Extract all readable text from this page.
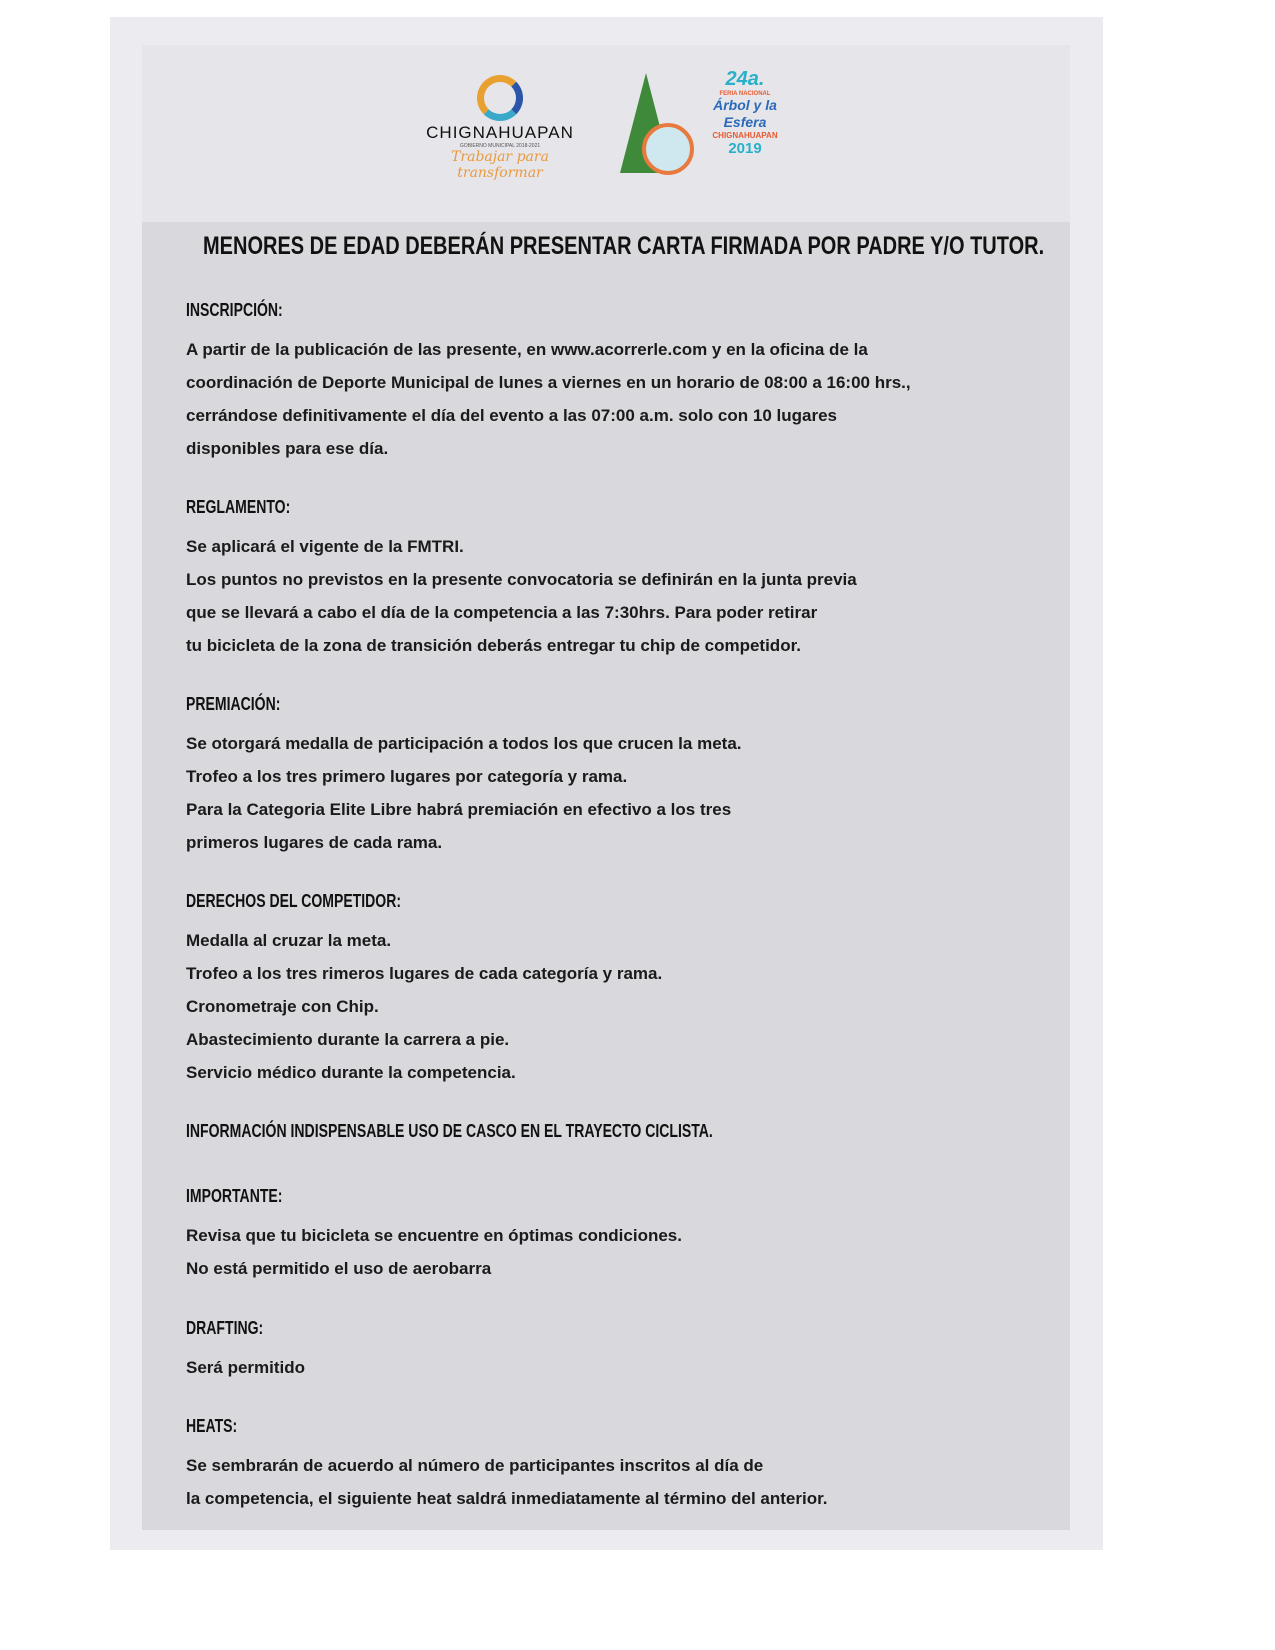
CHIGNAHUAPAN
GOBIERNO MUNICIPAL 2018-2021
Trabajar para transformar
24a.
FERIA NACIONAL
Árbol y la Esfera
CHIGNAHUAPAN
2019
MENORES DE EDAD DEBERÁN PRESENTAR CARTA FIRMADA POR PADRE Y/O TUTOR.
INSCRIPCIÓN:
A partir de la publicación de las presente, en www.acorrerle.com y en la oficina de la
coordinación de Deporte Municipal de lunes a viernes en un horario de 08:00 a 16:00 hrs.,
cerrándose definitivamente el día del evento a las 07:00 a.m. solo con 10 lugares
disponibles para ese día.
REGLAMENTO:
Se aplicará el vigente de la FMTRI.
Los puntos no previstos en la presente convocatoria se definirán en la junta previa
que se llevará a cabo el día de la competencia a las 7:30hrs. Para poder retirar
tu bicicleta de la zona de transición deberás entregar tu chip de competidor.
PREMIACIÓN:
Se otorgará medalla de participación a todos los que crucen la meta.
Trofeo a los tres primero lugares por categoría y rama.
Para la Categoria Elite Libre habrá premiación en efectivo a los tres
primeros lugares de cada rama.
DERECHOS DEL COMPETIDOR:
Medalla al cruzar la meta.
Trofeo a los tres rimeros lugares de cada categoría y rama.
Cronometraje con Chip.
Abastecimiento durante la carrera a pie.
Servicio médico durante la competencia.
INFORMACIÓN INDISPENSABLE USO DE CASCO EN EL TRAYECTO CICLISTA.
IMPORTANTE:
Revisa que tu bicicleta se encuentre en óptimas condiciones.
No está permitido el uso de aerobarra
DRAFTING:
Será permitido
HEATS:
Se sembrarán de acuerdo al número de participantes inscritos al día de
la competencia, el siguiente heat saldrá inmediatamente al término del anterior.
